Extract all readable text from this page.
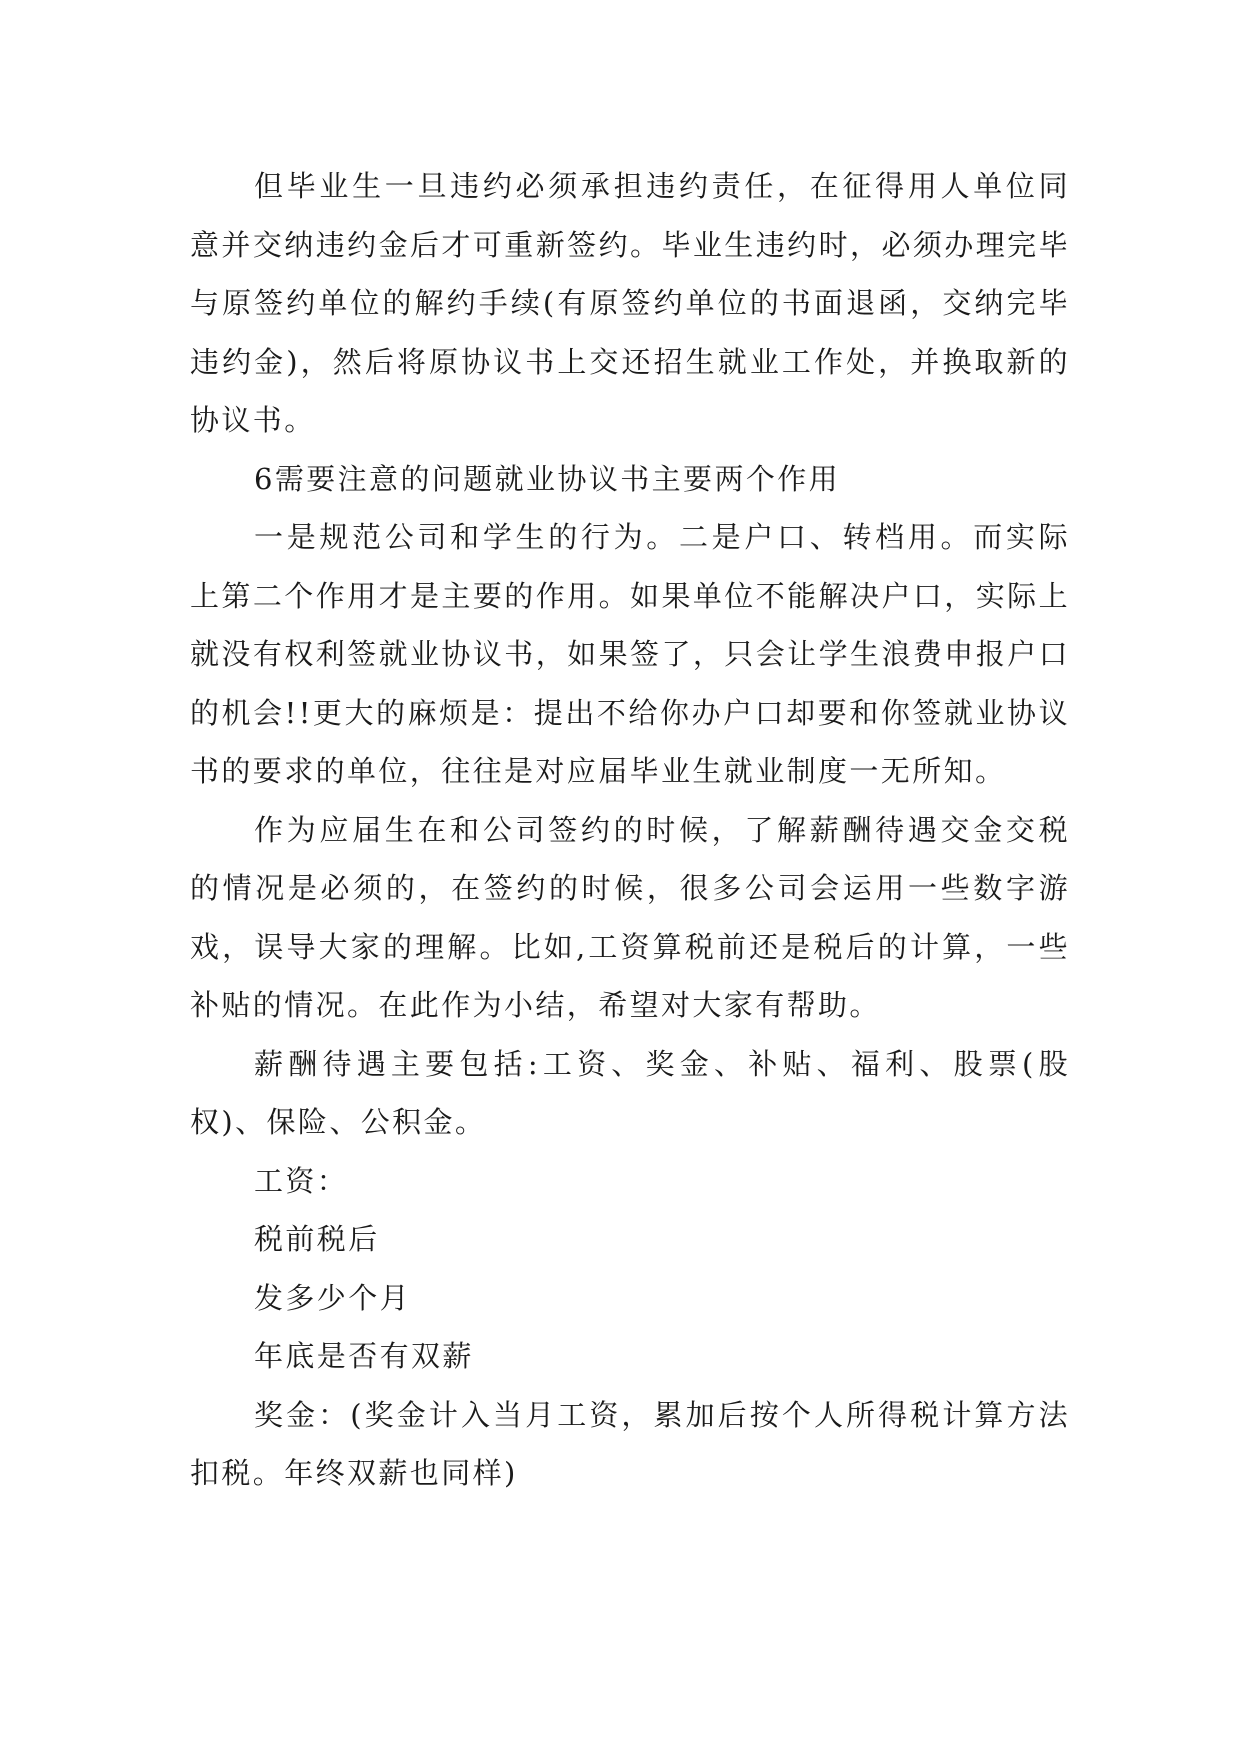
但毕业生一旦违约必须承担违约责任，在征得用人单位同意并交纳违约金后才可重新签约。毕业生违约时，必须办理完毕与原签约单位的解约手续(有原签约单位的书面退函，交纳完毕违约金)，然后将原协议书上交还招生就业工作处，并换取新的协议书。

6需要注意的问题就业协议书主要两个作用

一是规范公司和学生的行为。二是户口、转档用。而实际上第二个作用才是主要的作用。如果单位不能解决户口，实际上就没有权利签就业协议书，如果签了，只会让学生浪费申报户口的机会!!更大的麻烦是：提出不给你办户口却要和你签就业协议书的要求的单位，往往是对应届毕业生就业制度一无所知。

作为应届生在和公司签约的时候，了解薪酬待遇交金交税的情况是必须的，在签约的时候，很多公司会运用一些数字游戏，误导大家的理解。比如,工资算税前还是税后的计算，一些补贴的情况。在此作为小结，希望对大家有帮助。

薪酬待遇主要包括:工资、奖金、补贴、福利、股票(股权)、保险、公积金。

工资：

税前税后

发多少个月

年底是否有双薪

奖金：(奖金计入当月工资，累加后按个人所得税计算方法扣税。年终双薪也同样)
